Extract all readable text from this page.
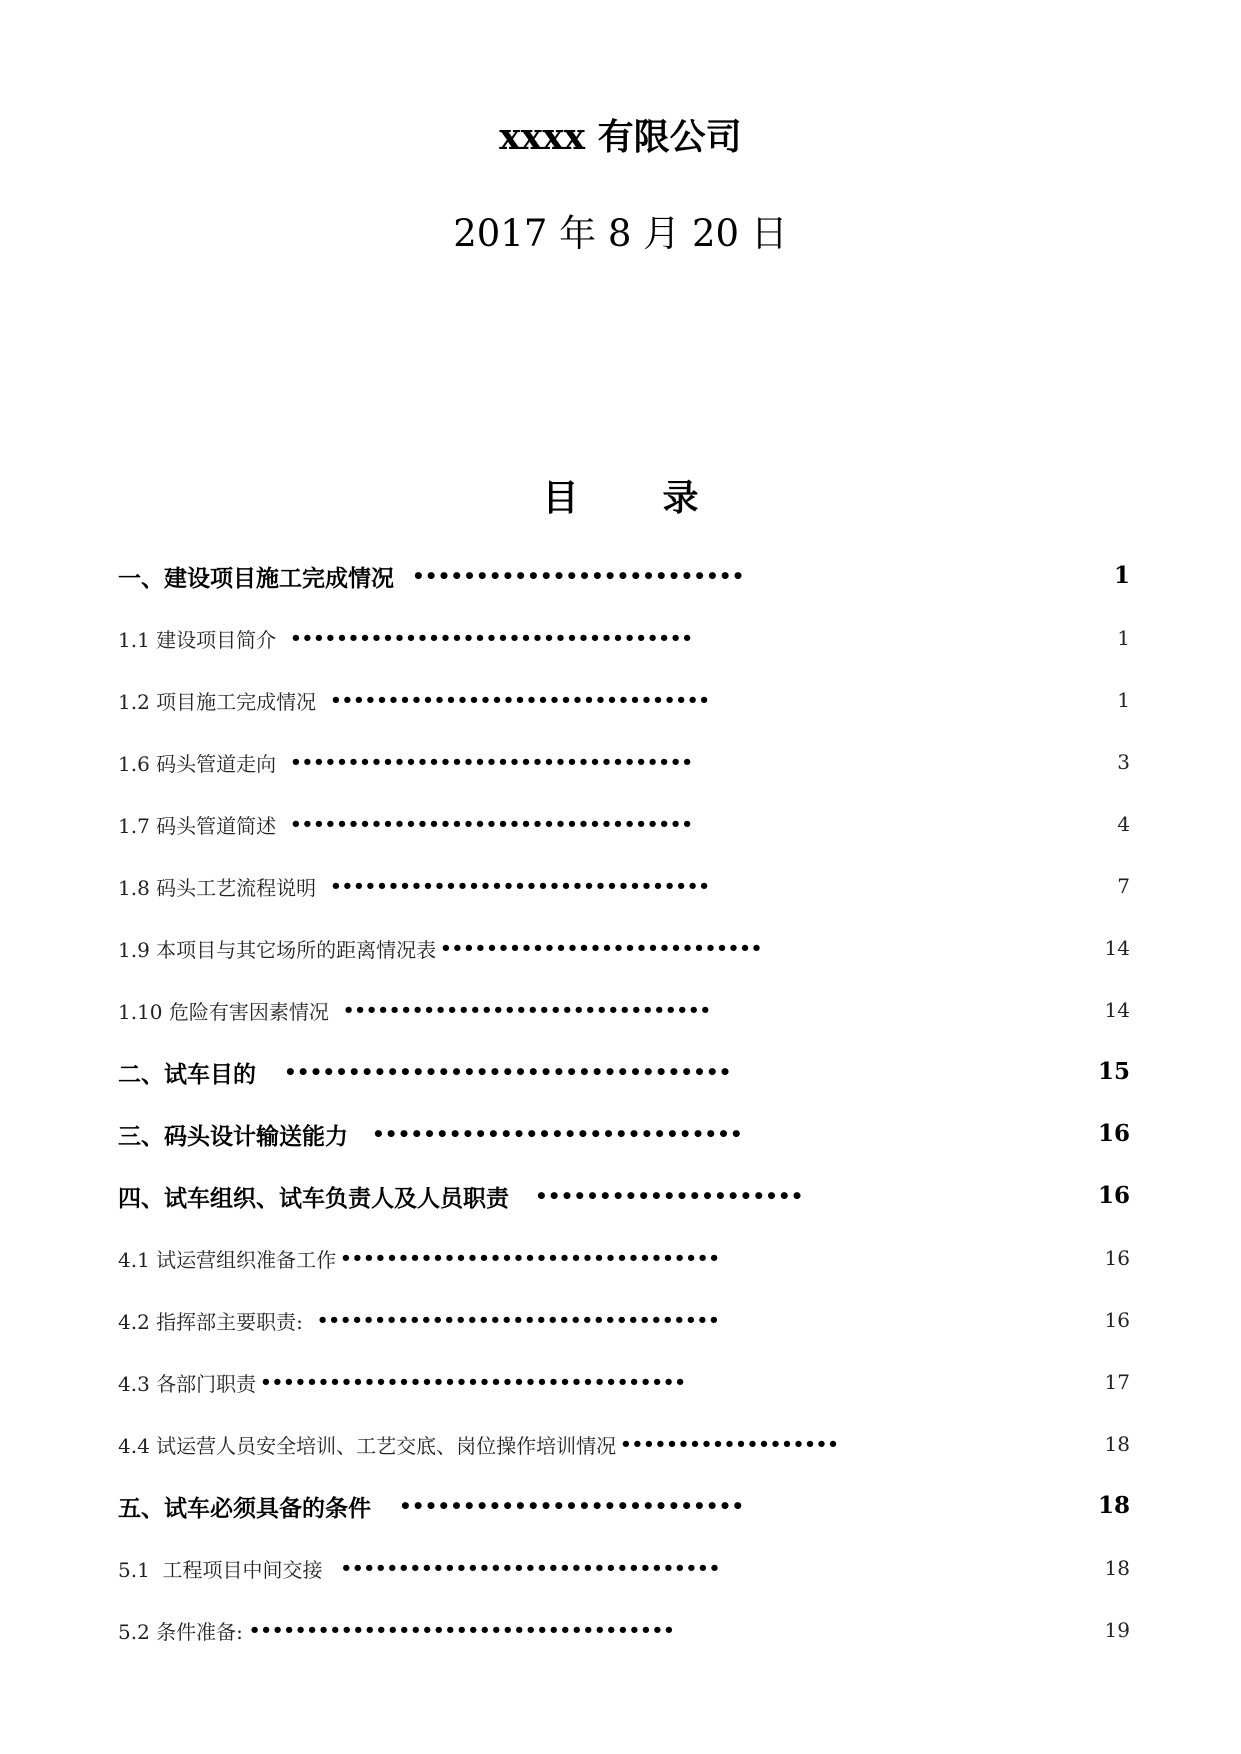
xxxx 有限公司
2017 年 8 月 20 日
目 录
一、建设项目施工完成情况 ••••••••••••••••••••••••••	1
1.1 建设项目简介 •••••••••••••••••••••••••••••••••••	1
1.2 项目施工完成情况 •••••••••••••••••••••••••••••••••	1
1.6 码头管道走向 •••••••••••••••••••••••••••••••••••	3
1.7 码头管道简述 •••••••••••••••••••••••••••••••••••	4
1.8 码头工艺流程说明 •••••••••••••••••••••••••••••••••	7
1.9 本项目与其它场所的距离情况表 ••••••••••••••••••••••••••••	14
1.10 危险有害因素情况 ••••••••••••••••••••••••••••••••	14
二、试车目的 •••••••••••••••••••••••••••••••••••	15
三、码头设计输送能力 •••••••••••••••••••••••••••••	16
四、试车组织、试车负责人及人员职责 •••••••••••••••••••••	16
4.1 试运营组织准备工作 •••••••••••••••••••••••••••••••••	16
4.2 指挥部主要职责: •••••••••••••••••••••••••••••••••••	16
4.3 各部门职责 •••••••••••••••••••••••••••••••••••••	17
4.4 试运营人员安全培训、工艺交底、岗位操作培训情况 •••••••••••••••••••	18
五、试车必须具备的条件 •••••••••••••••••••••••••••	18
5.1  工程项目中间交接 •••••••••••••••••••••••••••••••••	18
5.2 条件准备: •••••••••••••••••••••••••••••••••••••	19
